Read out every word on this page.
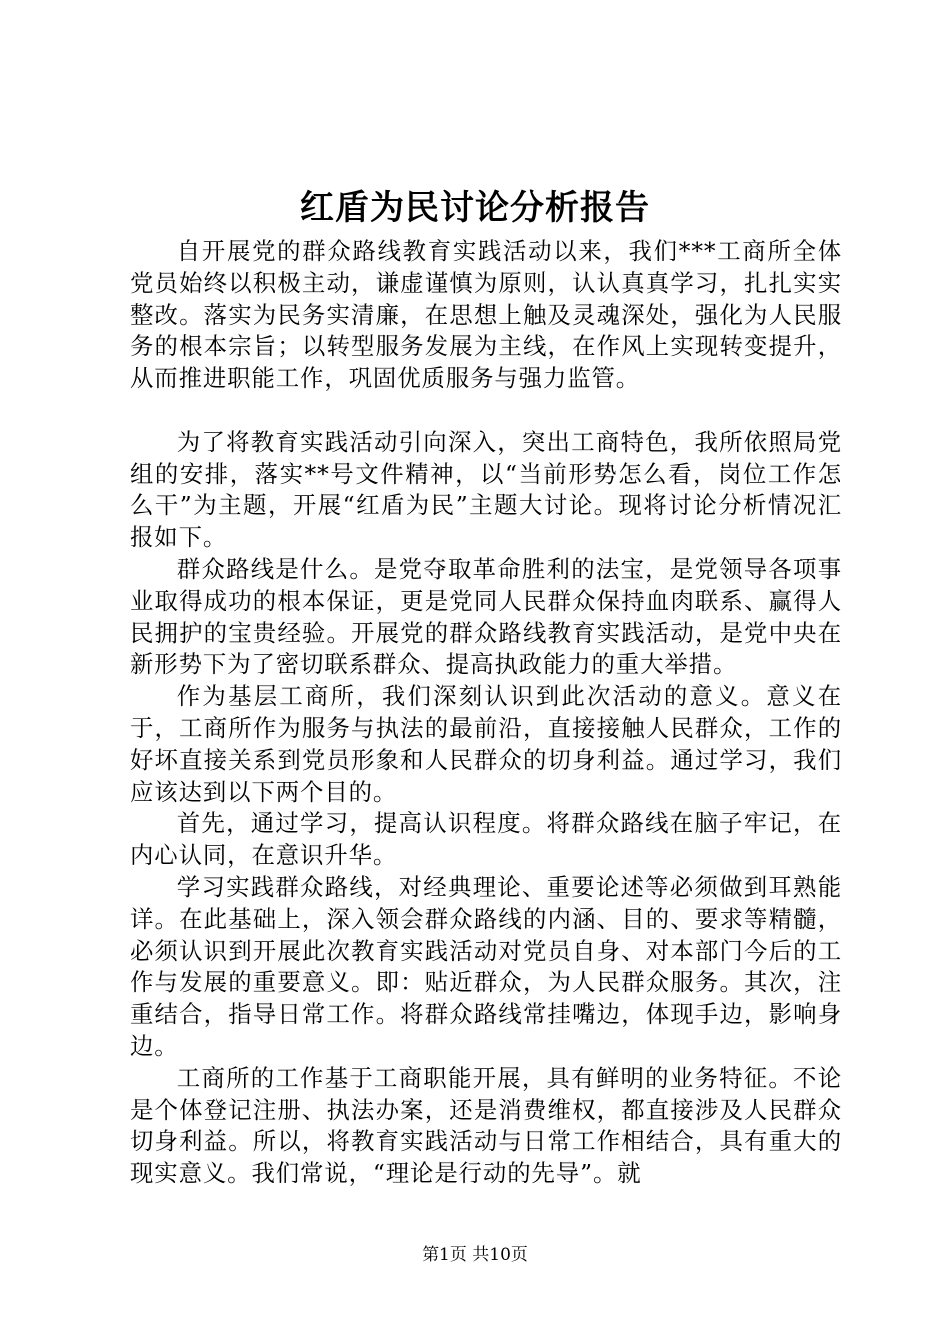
红盾为民讨论分析报告

自开展党的群众路线教育实践活动以来，我们***工商所全体党员始终以积极主动，谦虚谨慎为原则，认认真真学习，扎扎实实整改。落实为民务实清廉，在思想上触及灵魂深处，强化为人民服务的根本宗旨；以转型服务发展为主线，在作风上实现转变提升，从而推进职能工作，巩固优质服务与强力监管。

为了将教育实践活动引向深入，突出工商特色，我所依照局党组的安排，落实**号文件精神，以“当前形势怎么看，岗位工作怎么干”为主题，开展“红盾为民”主题大讨论。现将讨论分析情况汇报如下。

群众路线是什么。是党夺取革命胜利的法宝，是党领导各项事业取得成功的根本保证，更是党同人民群众保持血肉联系、赢得人民拥护的宝贵经验。开展党的群众路线教育实践活动，是党中央在新形势下为了密切联系群众、提高执政能力的重大举措。

作为基层工商所，我们深刻认识到此次活动的意义。意义在于，工商所作为服务与执法的最前沿，直接接触人民群众，工作的好坏直接关系到党员形象和人民群众的切身利益。通过学习，我们应该达到以下两个目的。

首先，通过学习，提高认识程度。将群众路线在脑子牢记，在内心认同，在意识升华。

学习实践群众路线，对经典理论、重要论述等必须做到耳熟能详。在此基础上，深入领会群众路线的内涵、目的、要求等精髓，必须认识到开展此次教育实践活动对党员自身、对本部门今后的工作与发展的重要意义。即：贴近群众，为人民群众服务。其次，注重结合，指导日常工作。将群众路线常挂嘴边，体现手边，影响身边。

工商所的工作基于工商职能开展，具有鲜明的业务特征。不论是个体登记注册、执法办案，还是消费维权，都直接涉及人民群众切身利益。所以，将教育实践活动与日常工作相结合，具有重大的现实意义。我们常说，“理论是行动的先导”。就

第1页 共10页
